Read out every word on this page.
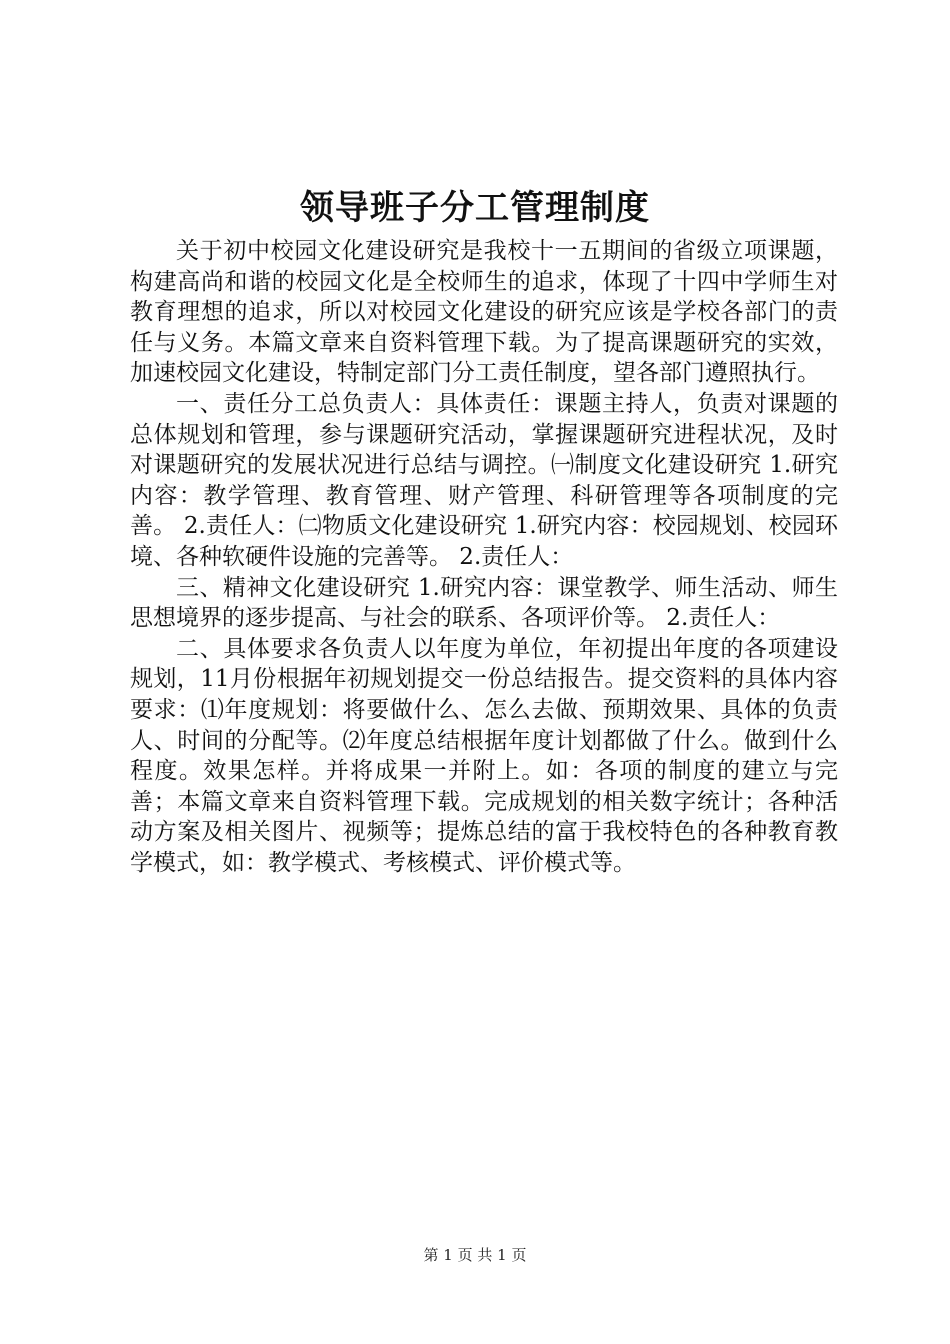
领导班子分工管理制度

关于初中校园文化建设研究是我校十一五期间的省级立项课题，构建高尚和谐的校园文化是全校师生的追求，体现了十四中学师生对教育理想的追求，所以对校园文化建设的研究应该是学校各部门的责任与义务。本篇文章来自资料管理下载。为了提高课题研究的实效，加速校园文化建设，特制定部门分工责任制度，望各部门遵照执行。

一、责任分工总负责人：具体责任：课题主持人，负责对课题的总体规划和管理，参与课题研究活动，掌握课题研究进程状况，及时对课题研究的发展状况进行总结与调控。㈠制度文化建设研究 1.研究内容：教学管理、教育管理、财产管理、科研管理等各项制度的完善。 2.责任人：㈡物质文化建设研究 1.研究内容：校园规划、校园环境、各种软硬件设施的完善等。 2.责任人：

三、精神文化建设研究 1.研究内容：课堂教学、师生活动、师生思想境界的逐步提高、与社会的联系、各项评价等。 2.责任人：

二、具体要求各负责人以年度为单位，年初提出年度的各项建设规划，11月份根据年初规划提交一份总结报告。提交资料的具体内容要求：⑴年度规划：将要做什么、怎么去做、预期效果、具体的负责人、时间的分配等。⑵年度总结根据年度计划都做了什么。做到什么程度。效果怎样。并将成果一并附上。如：各项的制度的建立与完善；本篇文章来自资料管理下载。完成规划的相关数字统计；各种活动方案及相关图片、视频等；提炼总结的富于我校特色的各种教育教学模式，如：教学模式、考核模式、评价模式等。

第 1 页 共 1 页
